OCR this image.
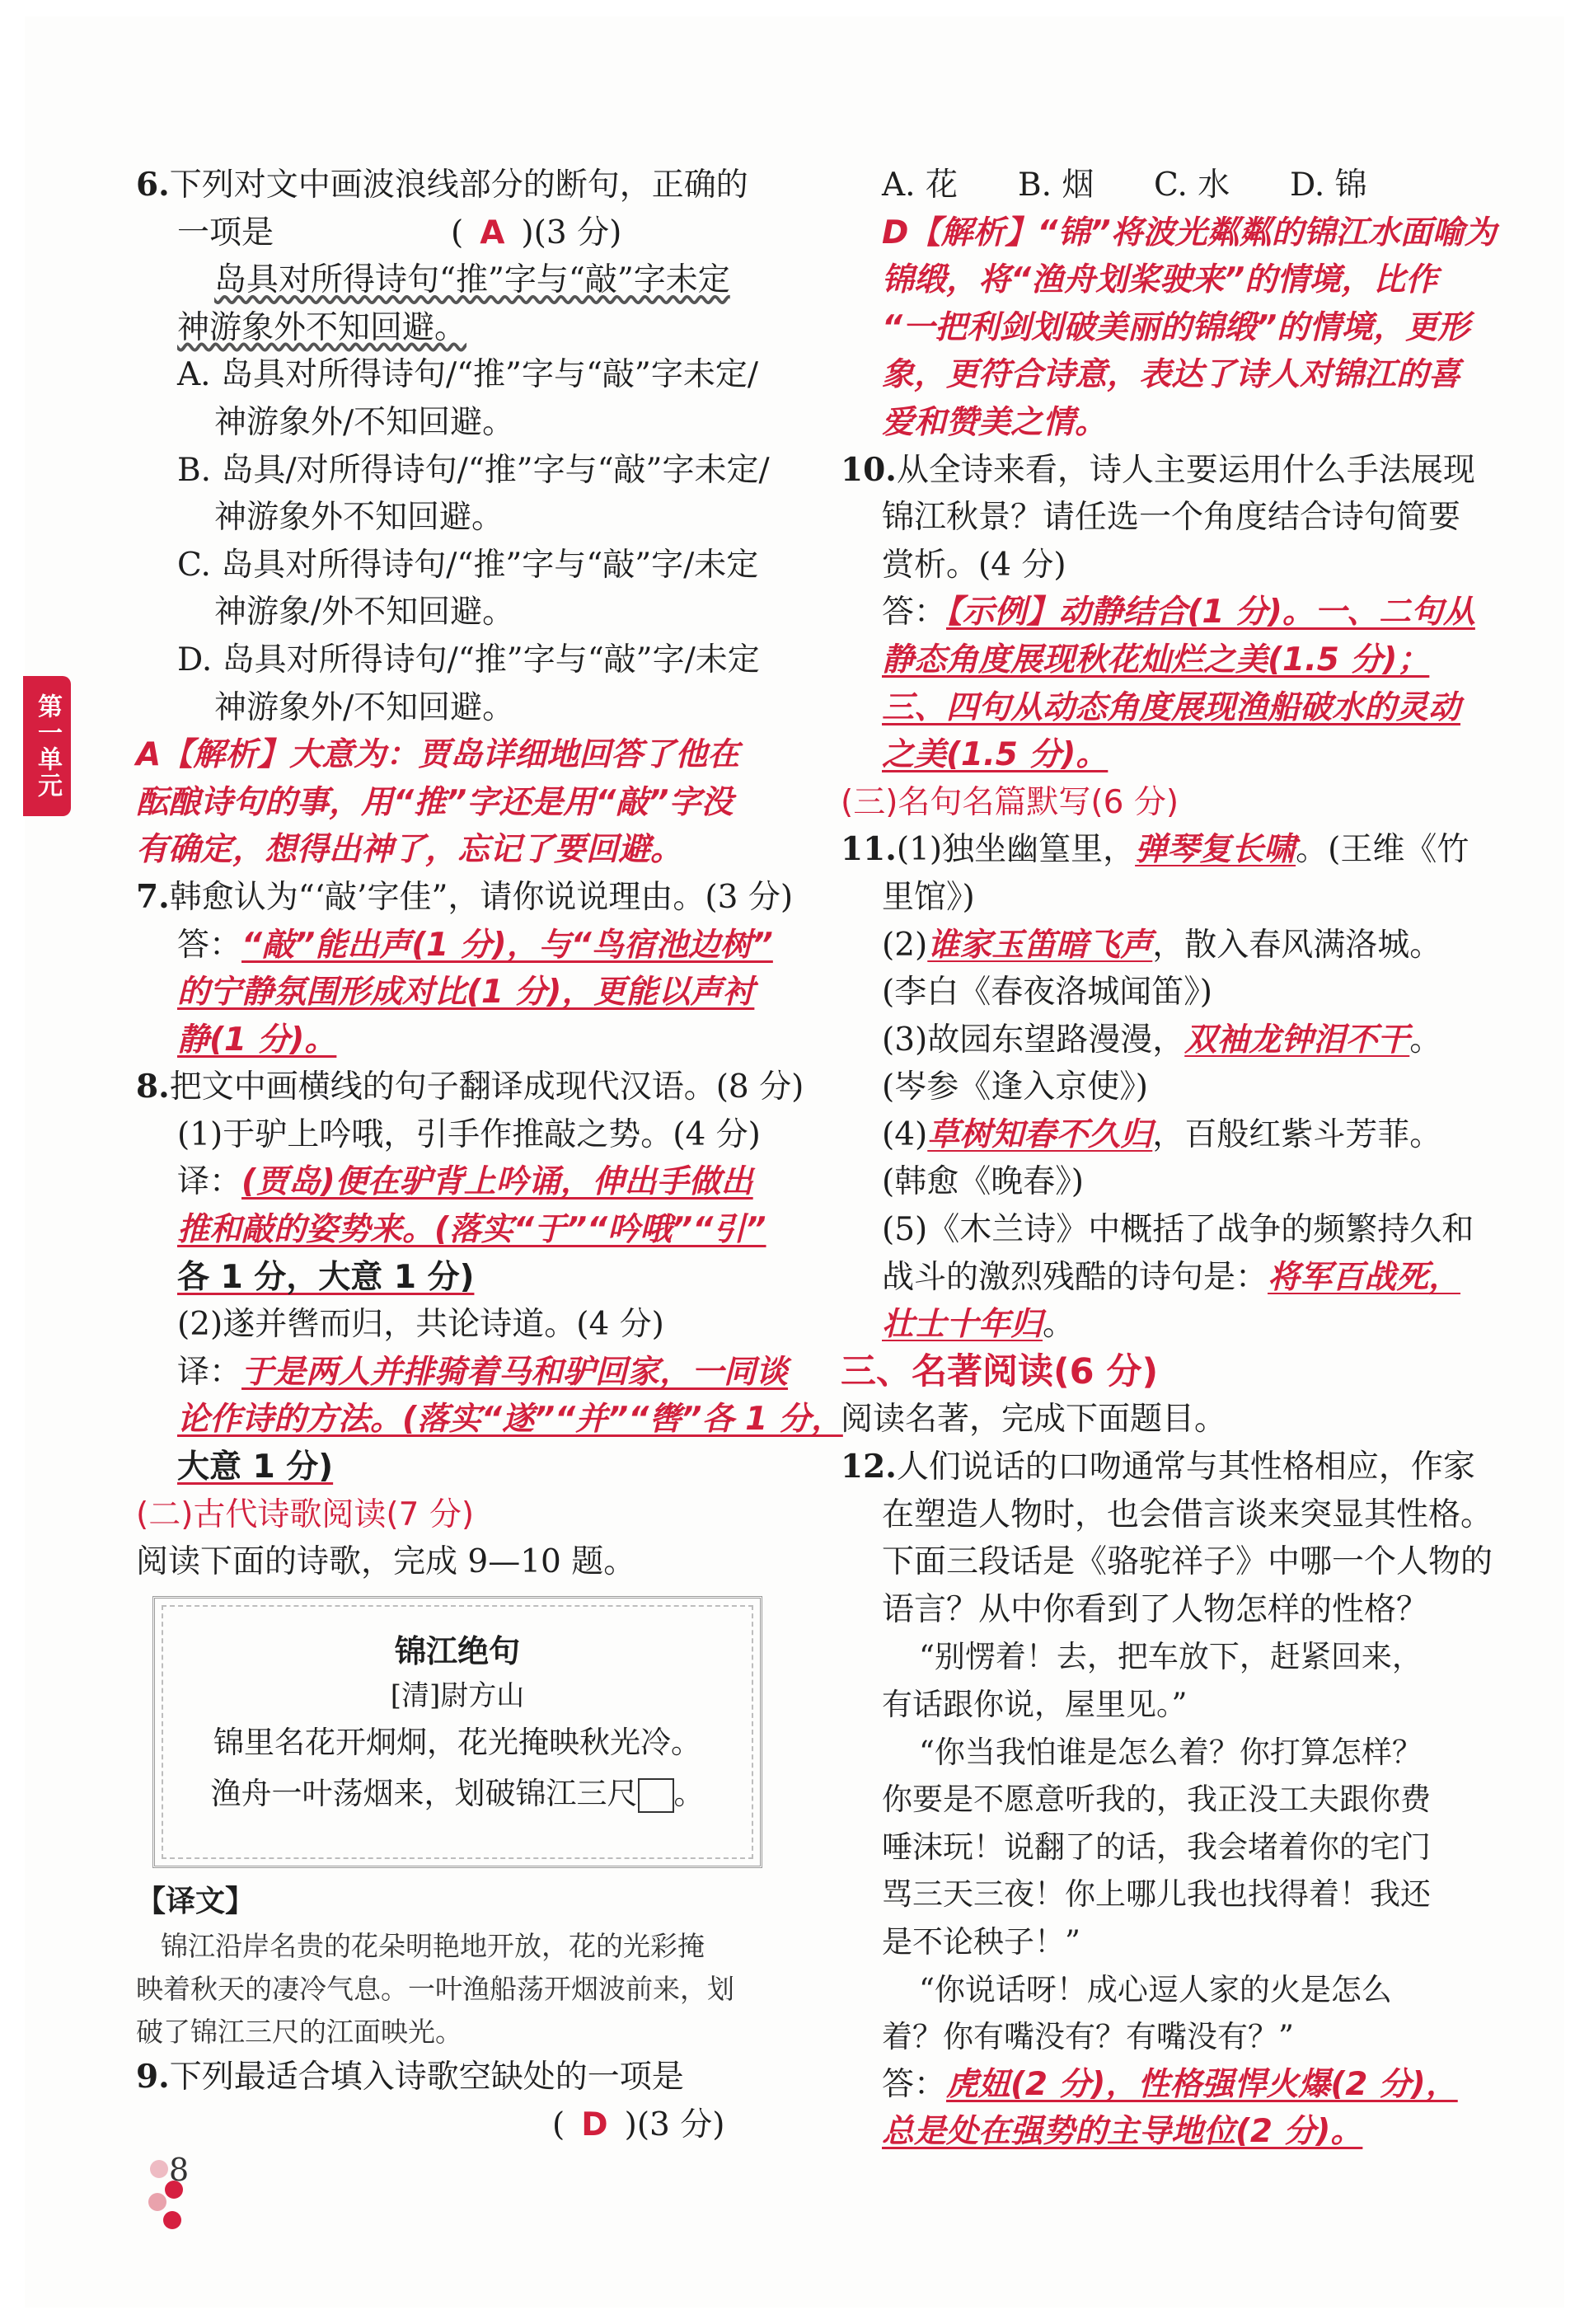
第一单元
6.下列对文中画波浪线部分的断句，正确的
一项是	( A )(3 分)
岛具对所得诗句“推”字与“敲”字未定
神游象外不知回避。
A. 岛具对所得诗句/“推”字与“敲”字未定/
神游象外/不知回避。
B. 岛具/对所得诗句/“推”字与“敲”字未定/
神游象外不知回避。
C. 岛具对所得诗句/“推”字与“敲”字/未定
神游象/外不知回避。
D. 岛具对所得诗句/“推”字与“敲”字/未定
神游象外/不知回避。
A【解析】大意为：贾岛详细地回答了他在
酝酿诗句的事，用“推”字还是用“敲”字没
有确定，想得出神了，忘记了要回避。
7.韩愈认为“‘敲’字佳”，请你说说理由。(3 分)
答：“敲”能出声(1 分)，与“鸟宿池边树”
的宁静氛围形成对比(1 分)，更能以声衬
静(1 分)。
8.把文中画横线的句子翻译成现代汉语。(8 分)
(1)于驴上吟哦，引手作推敲之势。(4 分)
译：(贾岛)便在驴背上吟诵，伸出手做出
推和敲的姿势来。(落实“于”“吟哦”“引”
各 1 分，大意 1 分)
(2)遂并辔而归，共论诗道。(4 分)
译：于是两人并排骑着马和驴回家，一同谈
论作诗的方法。(落实“遂”“并”“辔”各 1 分，
大意 1 分)
(二)古代诗歌阅读(7 分)
阅读下面的诗歌，完成 9—10 题。
锦江绝句
[清]尉方山
锦里名花开炯炯，花光掩映秋光冷。
渔舟一叶荡烟来，划破锦江三尺 。
【译文】
锦江沿岸名贵的花朵明艳地开放，花的光彩掩
映着秋天的凄冷气息。一叶渔船荡开烟波前来，划
破了锦江三尺的江面映光。
9.下列最适合填入诗歌空缺处的一项是
( D )(3 分)
A. 花 B. 烟 C. 水 D. 锦
D【解析】“锦”将波光粼粼的锦江水面喻为
锦缎，将“渔舟划桨驶来”的情境，比作
“一把利剑划破美丽的锦缎”的情境，更形
象，更符合诗意，表达了诗人对锦江的喜
爱和赞美之情。
10.从全诗来看，诗人主要运用什么手法展现
锦江秋景？请任选一个角度结合诗句简要
赏析。(4 分)
答：【示例】动静结合(1 分)。一、二句从
静态角度展现秋花灿烂之美(1.5 分)；
三、四句从动态角度展现渔船破水的灵动
之美(1.5 分)。
(三)名句名篇默写(6 分)
11.(1)独坐幽篁里，弹琴复长啸。(王维《竹
里馆》)
(2)谁家玉笛暗飞声，散入春风满洛城。
(李白《春夜洛城闻笛》)
(3)故园东望路漫漫，双袖龙钟泪不干。
(岑参《逢入京使》)
(4)草树知春不久归，百般红紫斗芳菲。
(韩愈《晚春》)
(5)《木兰诗》中概括了战争的频繁持久和
战斗的激烈残酷的诗句是：将军百战死，
壮士十年归。
三、名著阅读(6 分)
阅读名著，完成下面题目。
12.人们说话的口吻通常与其性格相应，作家
在塑造人物时，也会借言谈来突显其性格。
下面三段话是《骆驼祥子》中哪一个人物的
语言？从中你看到了人物怎样的性格？
“别愣着！去，把车放下，赶紧回来，
有话跟你说，屋里见。”
“你当我怕谁是怎么着？你打算怎样？
你要是不愿意听我的，我正没工夫跟你费
唾沫玩！说翻了的话，我会堵着你的宅门
骂三天三夜！你上哪儿我也找得着！我还
是不论秧子！”
“你说话呀！成心逗人家的火是怎么
着？你有嘴没有？有嘴没有？”
答：虎妞(2 分)，性格强悍火爆(2 分)，
总是处在强势的主导地位(2 分)。
8
